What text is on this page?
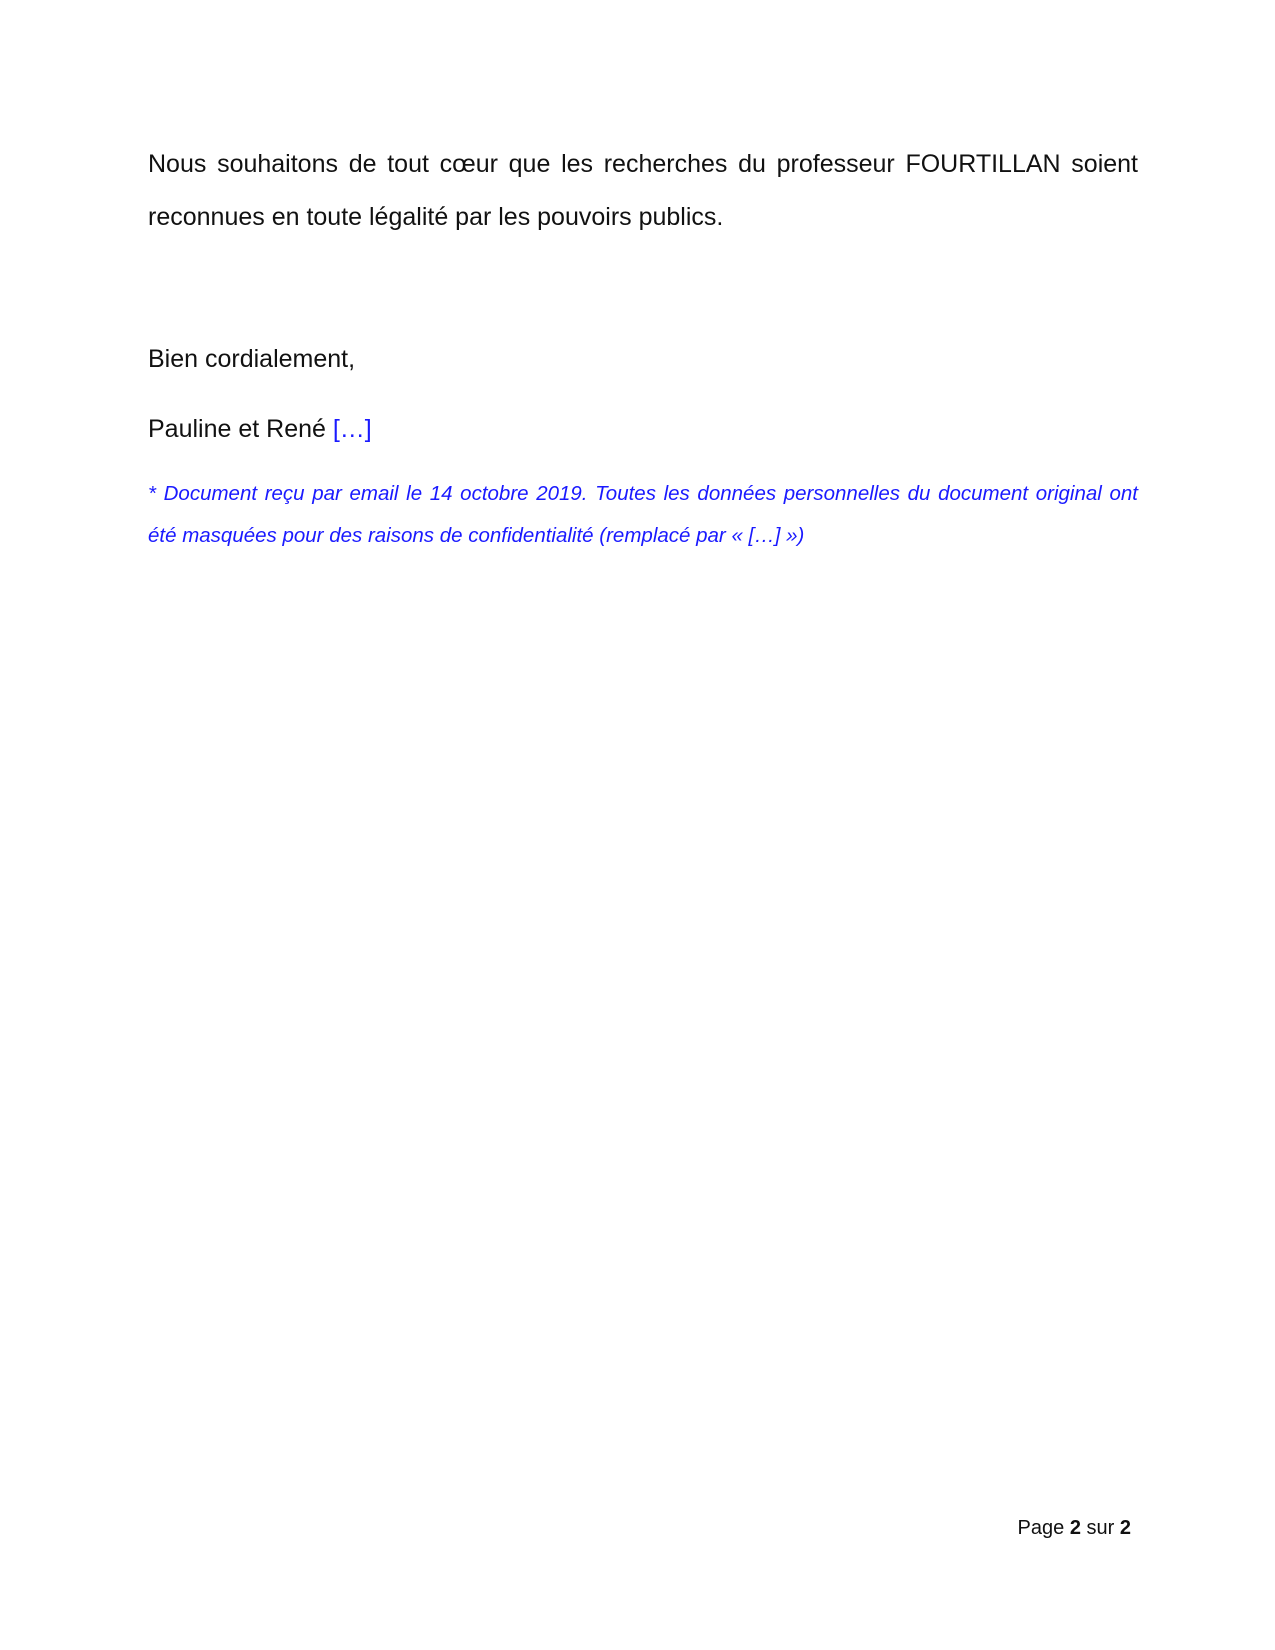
Nous souhaitons de tout cœur que les recherches du professeur FOURTILLAN soient reconnues en toute légalité par les pouvoirs publics.

Bien cordialement,

Pauline et René […]

* Document reçu par email le 14 octobre 2019. Toutes les données personnelles du document original ont été masquées pour des raisons de confidentialité (remplacé par « […] »)

Page 2 sur 2
